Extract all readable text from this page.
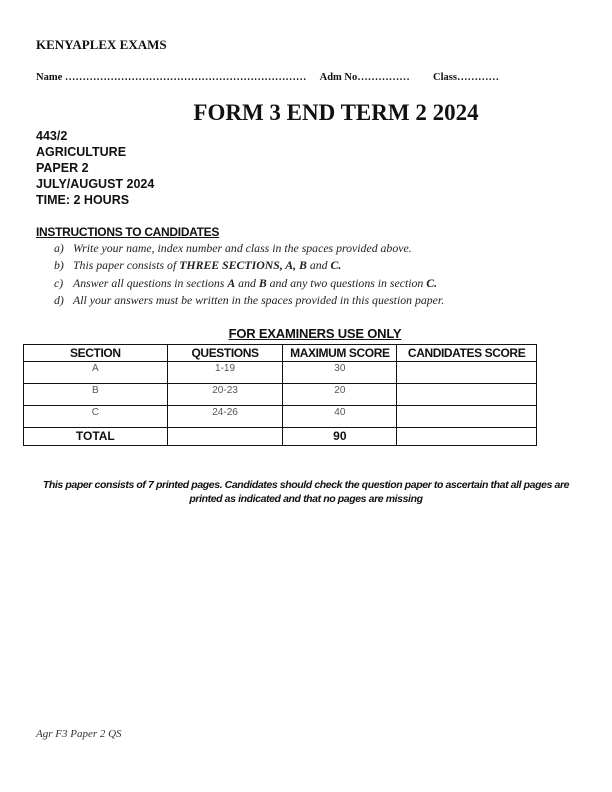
KENYAPLEX EXAMS
Name …………………………………………………………… Adm No…………… Class…………
FORM 3 END TERM 2 2024
443/2
AGRICULTURE
PAPER 2
JULY/AUGUST 2024
TIME: 2 HOURS
INSTRUCTIONS TO CANDIDATES
a) Write your name, index number and class in the spaces provided above.
b) This paper consists of THREE SECTIONS, A, B and C.
c) Answer all questions in sections A and B and any two questions in section C.
d) All your answers must be written in the spaces provided in this question paper.
FOR EXAMINERS USE ONLY
SECTION	QUESTIONS	MAXIMUM SCORE	CANDIDATES SCORE
A	1-19	30	
B	20-23	20	
C	24-26	40	
TOTAL		90	
This paper consists of 7 printed pages. Candidates should check the question paper to ascertain that all pages are printed as indicated and that no pages are missing
Agr F3 Paper 2 QS
